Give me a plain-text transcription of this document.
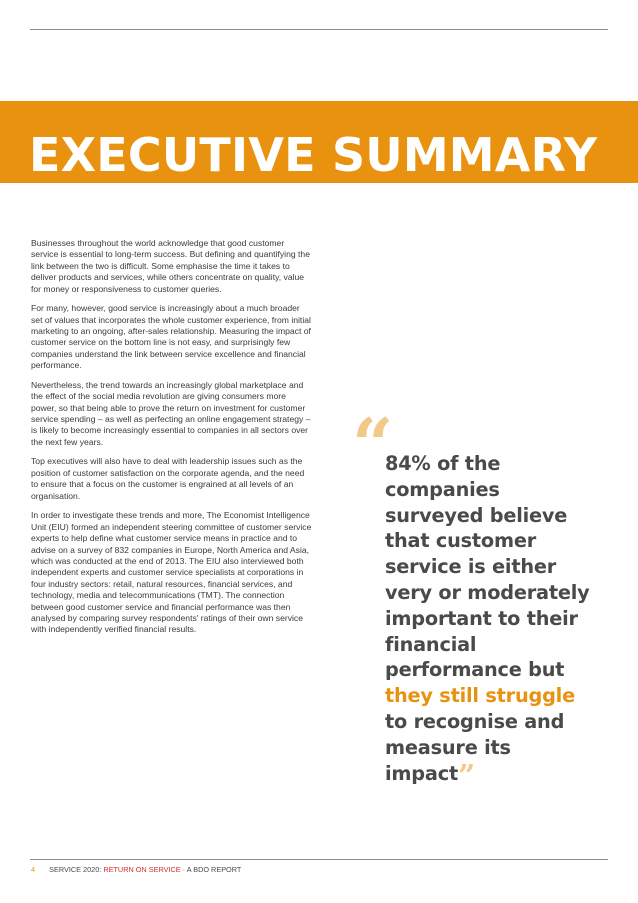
EXECUTIVE SUMMARY

Businesses throughout the world acknowledge that good customer service is essential to long-term success. But defining and quantifying the link between the two is difficult. Some emphasise the time it takes to deliver products and services, while others concentrate on quality, value for money or responsiveness to customer queries.

For many, however, good service is increasingly about a much broader set of values that incorporates the whole customer experience, from initial marketing to an ongoing, after-sales relationship. Measuring the impact of customer service on the bottom line is not easy, and surprisingly few companies understand the link between service excellence and financial performance.

Nevertheless, the trend towards an increasingly global marketplace and the effect of the social media revolution are giving consumers more power, so that being able to prove the return on investment for customer service spending – as well as perfecting an online engagement strategy – is likely to become increasingly essential to companies in all sectors over the next few years.

Top executives will also have to deal with leadership issues such as the position of customer satisfaction on the corporate agenda, and the need to ensure that a focus on the customer is engrained at all levels of an organisation.

In order to investigate these trends and more, The Economist Intelligence Unit (EIU) formed an independent steering committee of customer service experts to help define what customer service means in practice and to advise on a survey of 832 companies in Europe, North America and Asia, which was conducted at the end of 2013. The EIU also interviewed both independent experts and customer service specialists at corporations in four industry sectors: retail, natural resources, financial services, and technology, media and telecommunications (TMT). The connection between good customer service and financial performance was then analysed by comparing survey respondents' ratings of their own service with independently verified financial results.

“
84% of the companies surveyed believe that customer service is either very or moderately important to their financial performance but they still struggle to recognise and measure its impact”
4 SERVICE 2020: RETURN ON SERVICE · A BDO REPORT
